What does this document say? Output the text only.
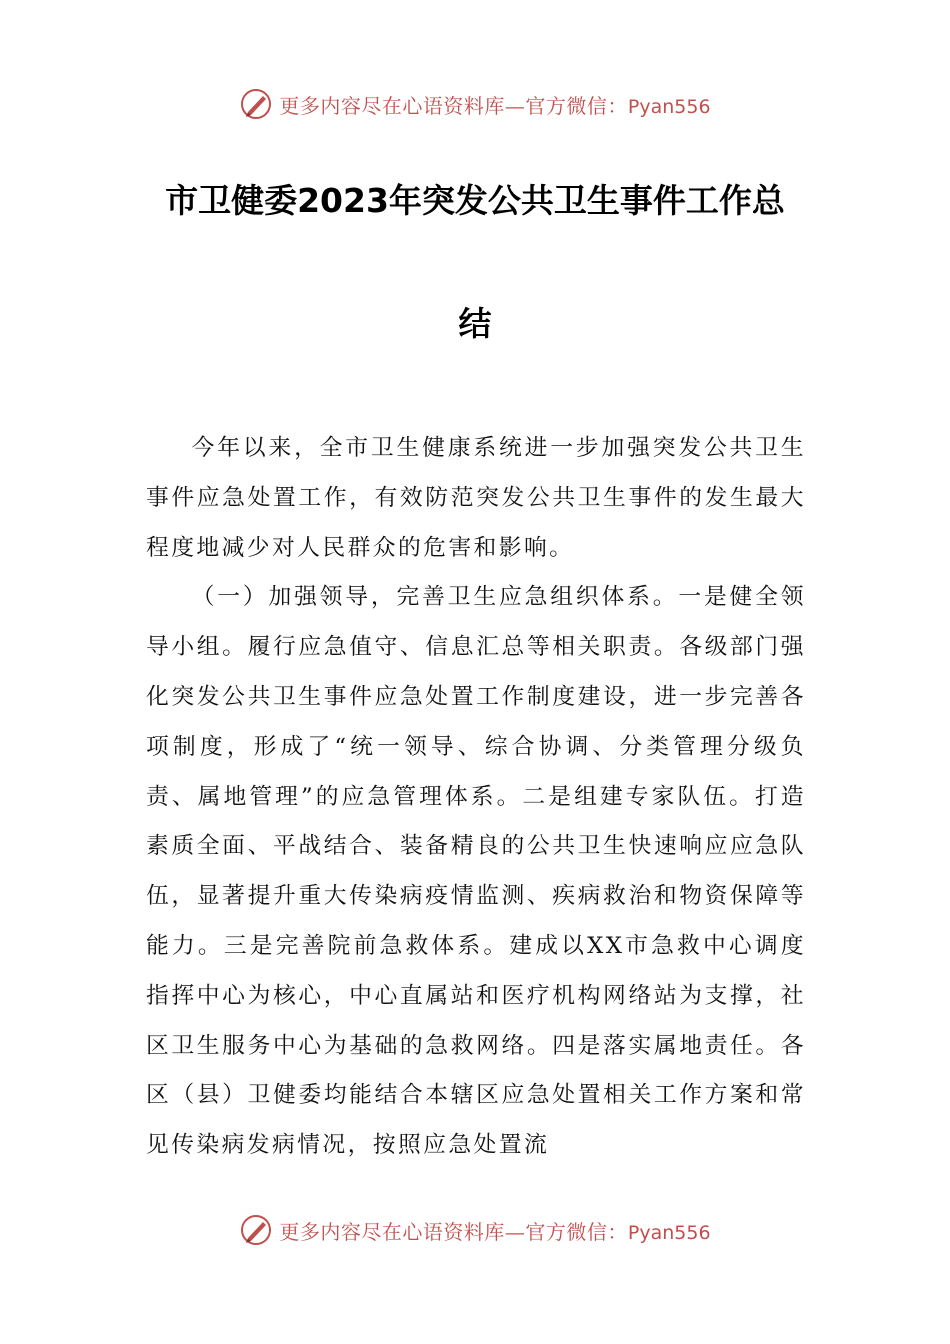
更多内容尽在心语资料库—官方微信：Pyan556
市卫健委2023年突发公共卫生事件工作总
结

今年以来，全市卫生健康系统进一步加强突发公共卫生事件应急处置工作，有效防范突发公共卫生事件的发生最大程度地减少对人民群众的危害和影响。

（一）加强领导，完善卫生应急组织体系。一是健全领导小组。履行应急值守、信息汇总等相关职责。各级部门强化突发公共卫生事件应急处置工作制度建设，进一步完善各项制度，形成了“统一领导、综合协调、分类管理分级负责、属地管理”的应急管理体系。二是组建专家队伍。打造素质全面、平战结合、装备精良的公共卫生快速响应应急队伍，显著提升重大传染病疫情监测、疾病救治和物资保障等能力。三是完善院前急救体系。建成以XX市急救中心调度指挥中心为核心，中心直属站和医疗机构网络站为支撑，社区卫生服务中心为基础的急救网络。四是落实属地责任。各区（县）卫健委均能结合本辖区应急处置相关工作方案和常见传染病发病情况，按照应急处置流

更多内容尽在心语资料库—官方微信：Pyan556
